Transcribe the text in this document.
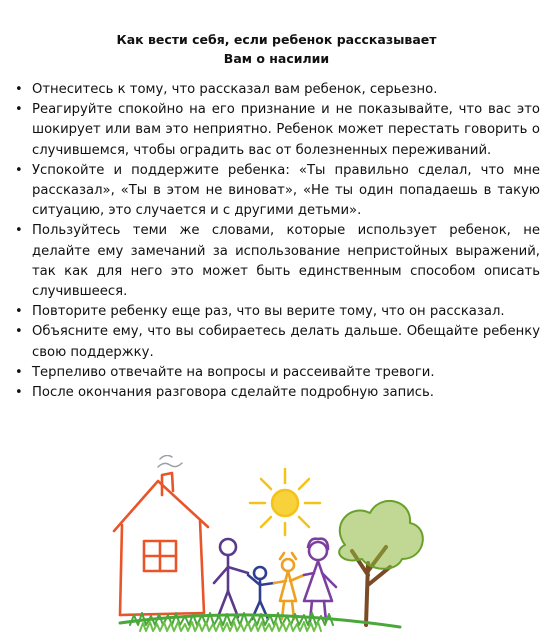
Как вести себя, если ребенок рассказывает
Вам о насилии
• Отнеситесь к тому, что рассказал вам ребенок, серьезно.
• Реагируйте спокойно на его признание и не показывайте, что вас это шокирует или вам это неприятно. Ребенок может перестать говорить о случившемся, чтобы оградить вас от болезненных переживаний.
• Успокойте и поддержите ребенка: «Ты правильно сделал, что мне рассказал», «Ты в этом не виноват», «Не ты один попадаешь в такую ситуацию, это случается и с другими детьми».
• Пользуйтесь теми же словами, которые использует ребенок, не делайте ему замечаний за использование непристойных выражений, так как для него это может быть единственным способом описать случившееся.
• Повторите ребенку еще раз, что вы верите тому, что он рассказал.
• Объясните ему, что вы собираетесь делать дальше. Обещайте ребенку свою поддержку.
• Терпеливо отвечайте на вопросы и рассеивайте тревоги.
• После окончания разговора сделайте подробную запись.
